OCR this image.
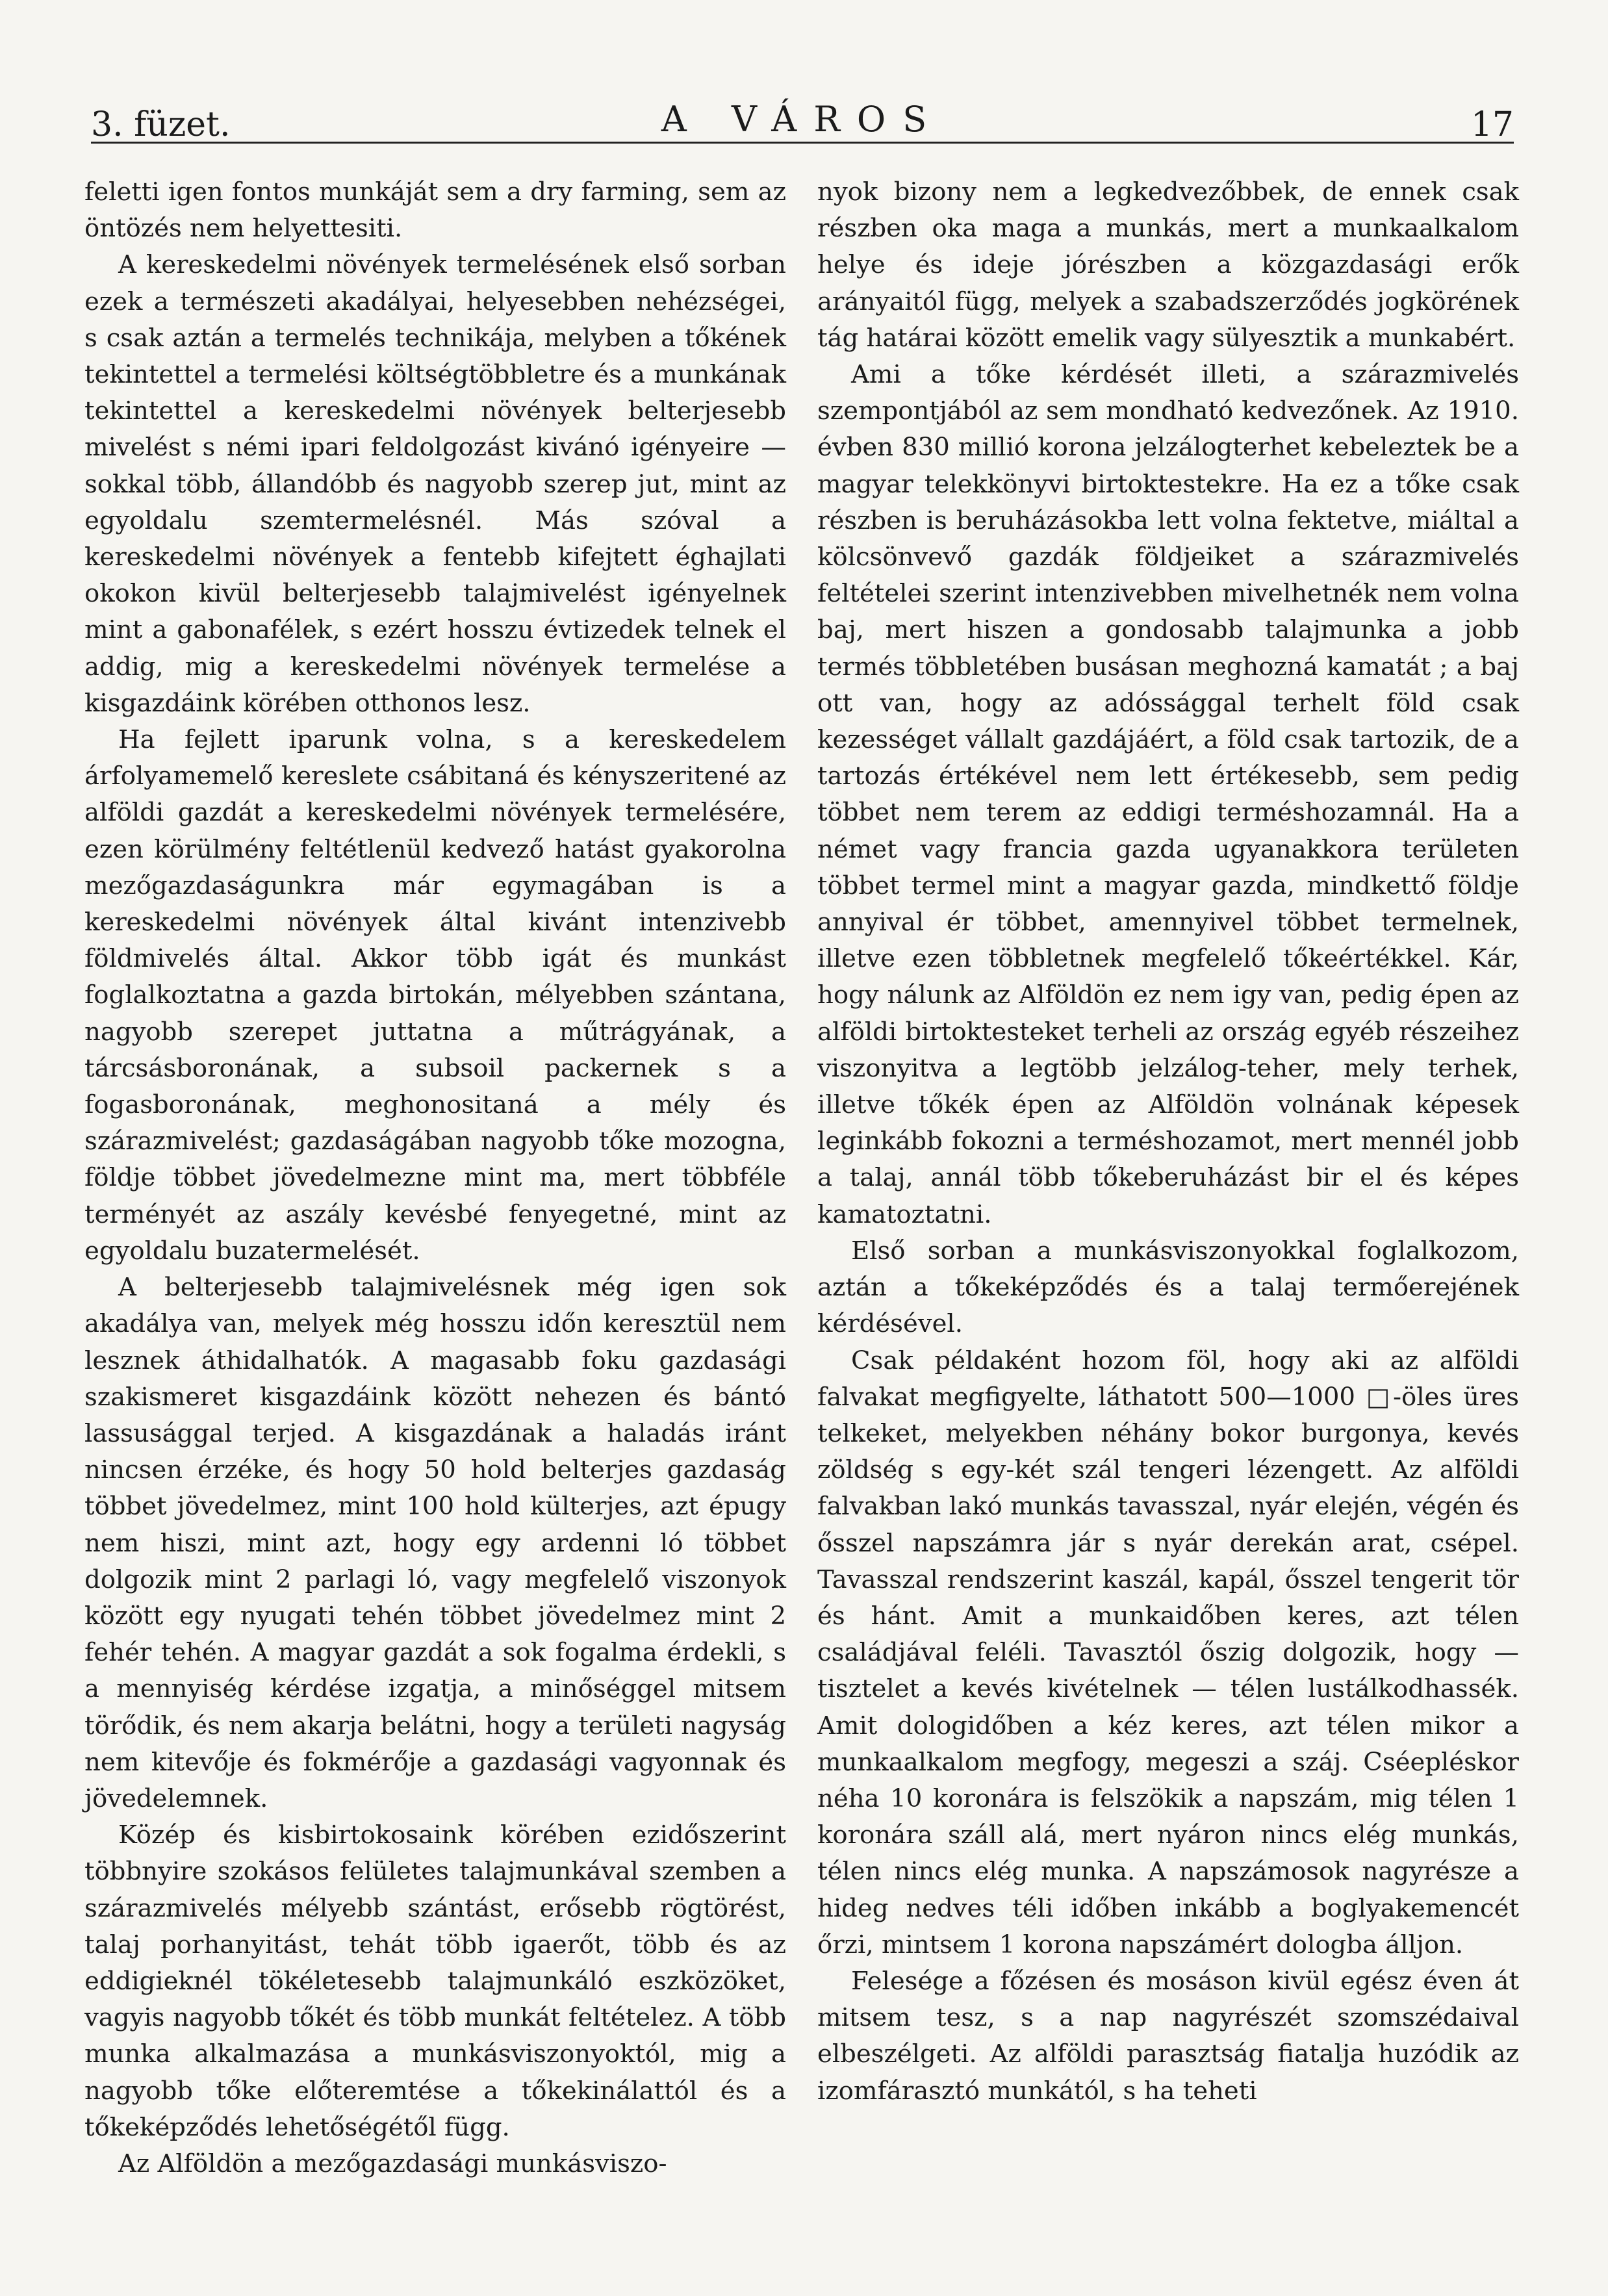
3. füzet.	A VÁROS	17

feletti igen fontos munkáját sem a dry farming, sem az öntözés nem helyettesiti.

A kereskedelmi növények termelésének első sorban ezek a természeti akadályai, helyesebben nehézségei, s csak aztán a termelés technikája, melyben a tőkének tekintettel a termelési költségtöbbletre és a munkának tekintettel a kereskedelmi növények belterjesebb mivelést s némi ipari feldolgozást kivánó igényeire — sokkal több, állandóbb és nagyobb szerep jut, mint az egyoldalu szemtermelésnél. Más szóval a kereskedelmi növények a fentebb kifejtett éghajlati okokon kivül belterjesebb talajmivelést igényelnek mint a gabonafélek, s ezért hosszu évtizedek telnek el addig, mig a kereskedelmi növények termelése a kisgazdáink körében otthonos lesz.

Ha fejlett iparunk volna, s a kereskedelem árfolyamemelő kereslete csábitaná és kényszeritené az alföldi gazdát a kereskedelmi növények termelésére, ezen körülmény feltétlenül kedvező hatást gyakorolna mezőgazdaságunkra már egymagában is a kereskedelmi növények által kivánt intenzivebb földmivelés által. Akkor több igát és munkást foglalkoztatna a gazda birtokán, mélyebben szántana, nagyobb szerepet juttatna a műtrágyának, a tárcsásboronának, a subsoil packernek s a fogasboronának, meghonositaná a mély és szárazmivelést; gazdaságában nagyobb tőke mozogna, földje többet jövedelmezne mint ma, mert többféle terményét az aszály kevésbé fenyegetné, mint az egyoldalu buzatermelését.

A belterjesebb talajmivelésnek még igen sok akadálya van, melyek még hosszu időn keresztül nem lesznek áthidalhatók. A magasabb foku gazdasági szakismeret kisgazdáink között nehezen és bántó lassusággal terjed. A kisgazdának a haladás iránt nincsen érzéke, és hogy 50 hold belterjes gazdaság többet jövedelmez, mint 100 hold külterjes, azt épugy nem hiszi, mint azt, hogy egy ardenni ló többet dolgozik mint 2 parlagi ló, vagy megfelelő viszonyok között egy nyugati tehén többet jövedelmez mint 2 fehér tehén. A magyar gazdát a sok fogalma érdekli, s a mennyiség kérdése izgatja, a minőséggel mitsem törődik, és nem akarja belátni, hogy a területi nagyság nem kitevője és fokmérője a gazdasági vagyonnak és jövedelemnek.

Közép és kisbirtokosaink körében ezidőszerint többnyire szokásos felületes talajmunkával szemben a szárazmivelés mélyebb szántást, erősebb rögtörést, talaj porhanyitást, tehát több igaerőt, több és az eddigieknél tökéletesebb talajmunkáló eszközöket, vagyis nagyobb tőkét és több munkát feltételez. A több munka alkalmazása a munkásviszonyoktól, mig a nagyobb tőke előteremtése a tőkekinálattól és a tőkeképződés lehetőségétől függ.

Az Alföldön a mezőgazdasági munkásviszo-

nyok bizony nem a legkedvezőbbek, de ennek csak részben oka maga a munkás, mert a munkaalkalom helye és ideje jórészben a közgazdasági erők arányaitól függ, melyek a szabadszerződés jogkörének tág határai között emelik vagy sülyesztik a munkabért.

Ami a tőke kérdését illeti, a szárazmivelés szempontjából az sem mondható kedvezőnek. Az 1910. évben 830 millió korona jelzálogterhet kebeleztek be a magyar telekkönyvi birtoktestekre. Ha ez a tőke csak részben is beruházásokba lett volna fektetve, miáltal a kölcsönvevő gazdák földjeiket a szárazmivelés feltételei szerint intenzivebben mivelhetnék nem volna baj, mert hiszen a gondosabb talajmunka a jobb termés többletében busásan meghozná kamatát ; a baj ott van, hogy az adóssággal terhelt föld csak kezességet vállalt gazdájáért, a föld csak tartozik, de a tartozás értékével nem lett értékesebb, sem pedig többet nem terem az eddigi terméshozamnál. Ha a német vagy francia gazda ugyanakkora területen többet termel mint a magyar gazda, mindkettő földje annyival ér többet, amennyivel többet termelnek, illetve ezen többletnek megfelelő tőkeértékkel. Kár, hogy nálunk az Alföldön ez nem igy van, pedig épen az alföldi birtoktesteket terheli az ország egyéb részeihez viszonyitva a legtöbb jelzálog-teher, mely terhek, illetve tőkék épen az Alföldön volnának képesek leginkább fokozni a terméshozamot, mert mennél jobb a talaj, annál több tőkeberuházást bir el és képes kamatoztatni.

Első sorban a munkásviszonyokkal foglalkozom, aztán a tőkeképződés és a talaj termőerejének kérdésével.

Csak példaként hozom föl, hogy aki az alföldi falvakat megfigyelte, láthatott 500—1000 □-öles üres telkeket, melyekben néhány bokor burgonya, kevés zöldség s egy-két szál tengeri lézengett. Az alföldi falvakban lakó munkás tavasszal, nyár elején, végén és ősszel napszámra jár s nyár derekán arat, csépel. Tavasszal rendszerint kaszál, kapál, ősszel tengerit tör és hánt. Amit a munkaidőben keres, azt télen családjával feléli. Tavasztól őszig dolgozik, hogy — tisztelet a kevés kivételnek — télen lustálkodhassék. Amit dologidőben a kéz keres, azt télen mikor a munkaalkalom megfogy, megeszi a száj. Cséepléskor néha 10 koronára is felszökik a napszám, mig télen 1 koronára száll alá, mert nyáron nincs elég munkás, télen nincs elég munka. A napszámosok nagyrésze a hideg nedves téli időben inkább a boglyakemencét őrzi, mintsem 1 korona napszámért dologba álljon.

Felesége a főzésen és mosáson kivül egész éven át mitsem tesz, s a nap nagyrészét szomszédaival elbeszélgeti. Az alföldi parasztság fiatalja huzódik az izomfárasztó munkától, s ha teheti
